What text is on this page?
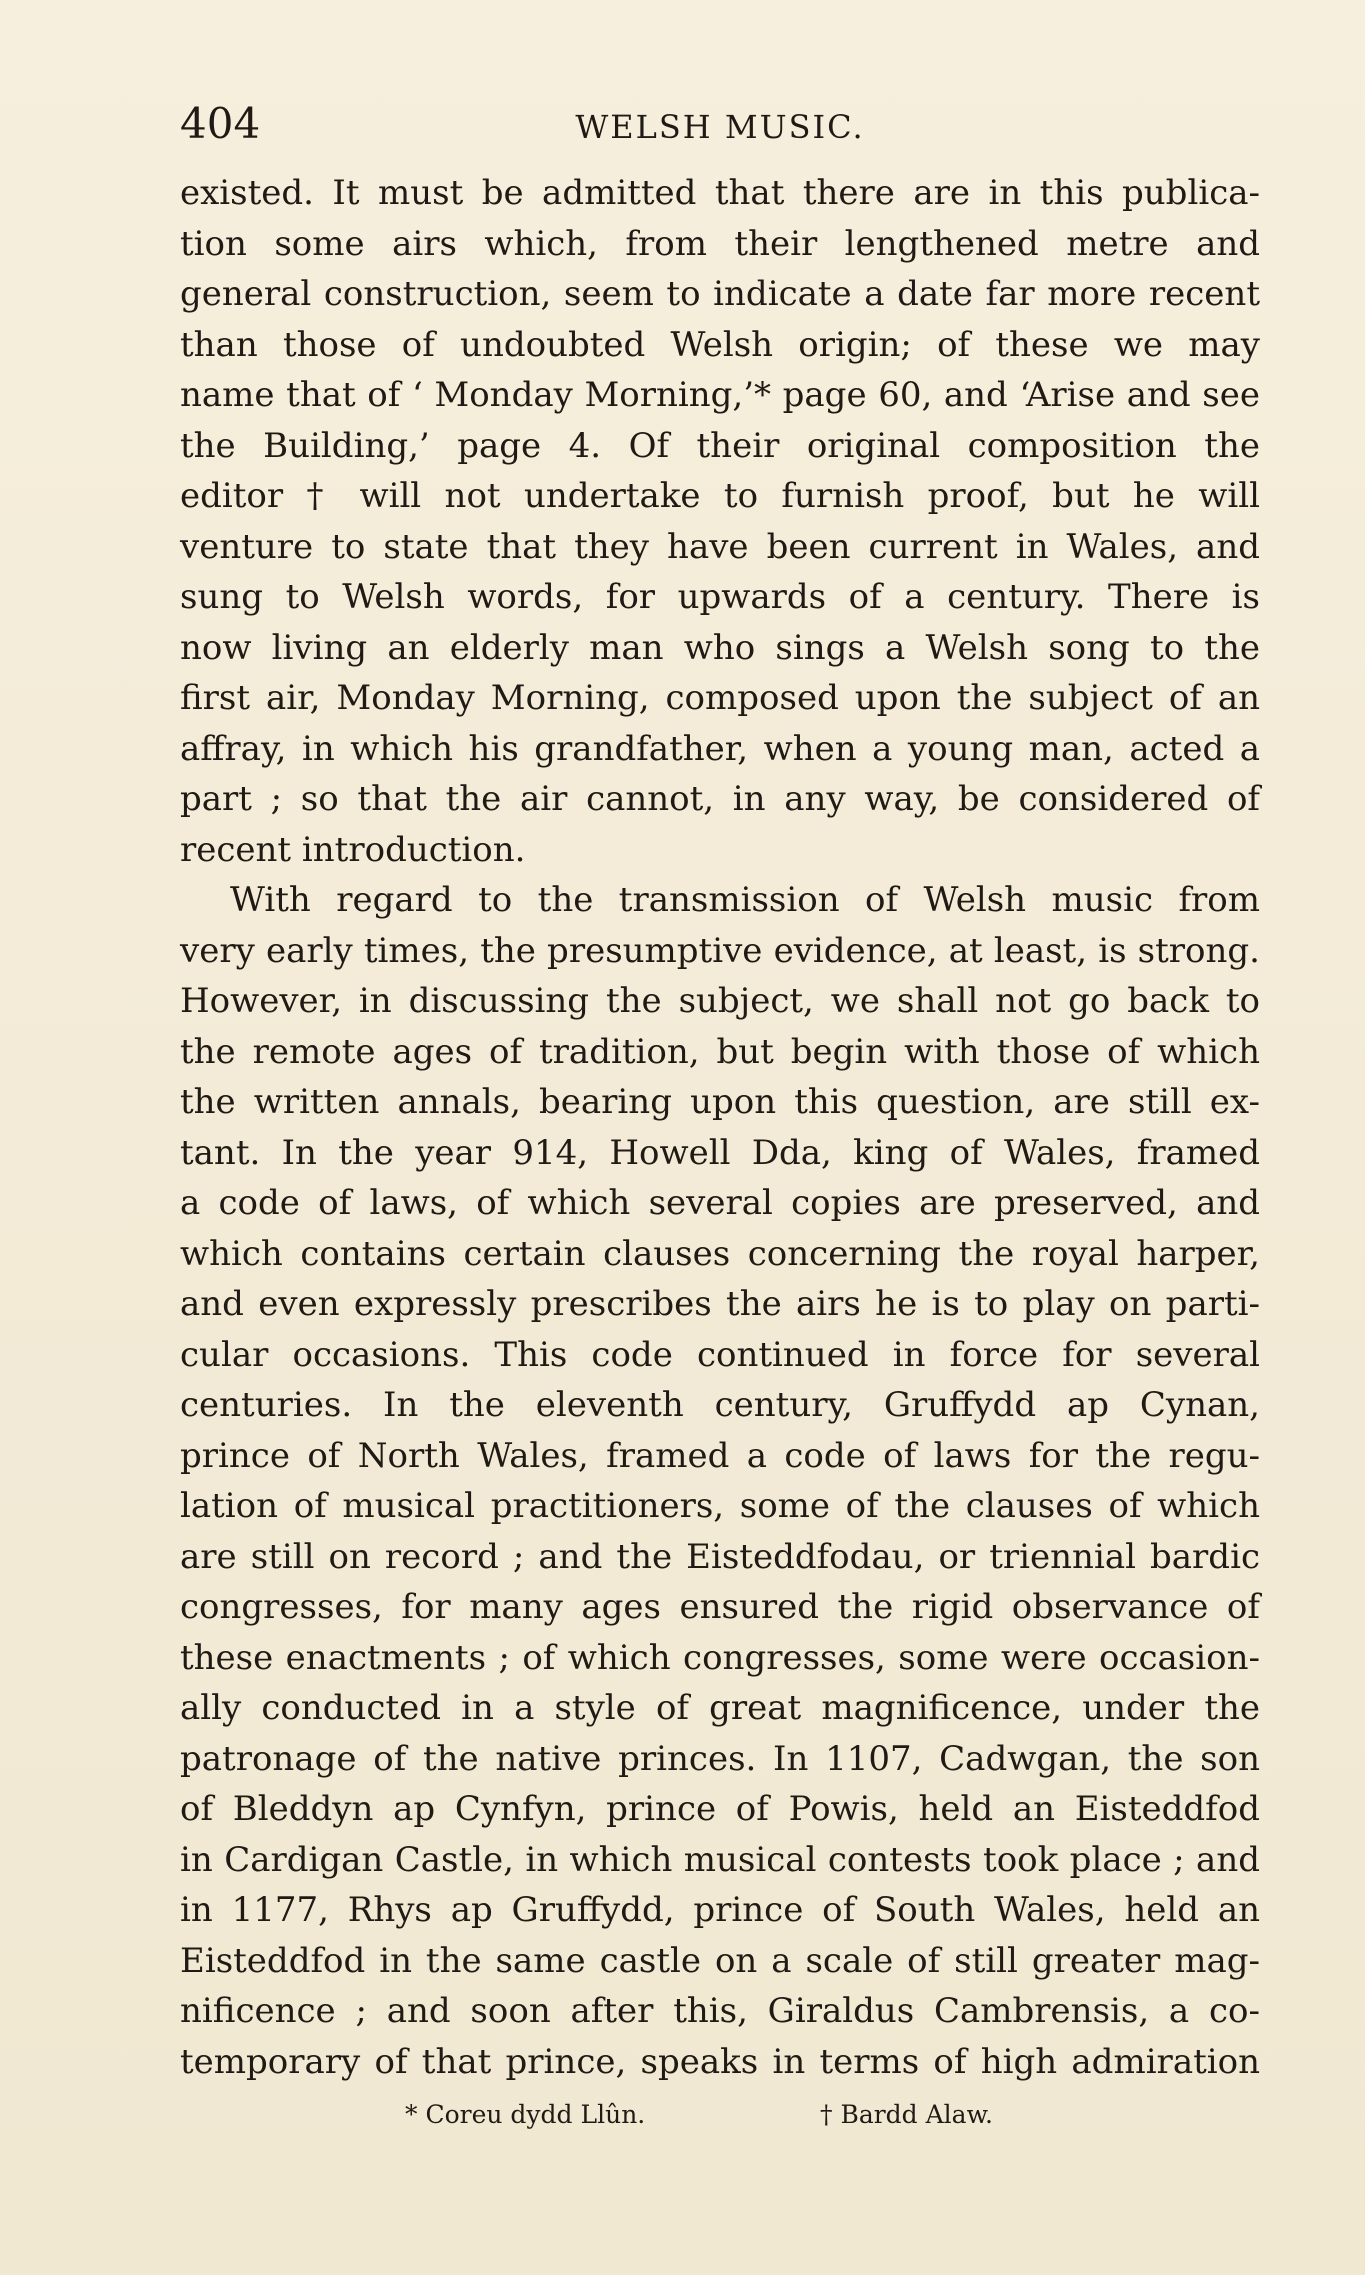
404	WELSH MUSIC.
existed. It must be admitted that there are in this publica-
tion some airs which, from their lengthened metre and
general construction, seem to indicate a date far more recent
than those of undoubted Welsh origin; of these we may
name that of ‘ Monday Morning,’* page 60, and ‘Arise and see
the Building,’ page 4. Of their original composition the
editor † will not undertake to furnish proof, but he will
venture to state that they have been current in Wales, and
sung to Welsh words, for upwards of a century. There is
now living an elderly man who sings a Welsh song to the
first air, Monday Morning, composed upon the subject of an
affray, in which his grandfather, when a young man, acted a
part ; so that the air cannot, in any way, be considered of
recent introduction.
With regard to the transmission of Welsh music from
very early times, the presumptive evidence, at least, is strong.
However, in discussing the subject, we shall not go back to
the remote ages of tradition, but begin with those of which
the written annals, bearing upon this question, are still ex-
tant. In the year 914, Howell Dda, king of Wales, framed
a code of laws, of which several copies are preserved, and
which contains certain clauses concerning the royal harper,
and even expressly prescribes the airs he is to play on parti-
cular occasions. This code continued in force for several
centuries. In the eleventh century, Gruffydd ap Cynan,
prince of North Wales, framed a code of laws for the regu-
lation of musical practitioners, some of the clauses of which
are still on record ; and the Eisteddfodau, or triennial bardic
congresses, for many ages ensured the rigid observance of
these enactments ; of which congresses, some were occasion-
ally conducted in a style of great magnificence, under the
patronage of the native princes. In 1107, Cadwgan, the son
of Bleddyn ap Cynfyn, prince of Powis, held an Eisteddfod
in Cardigan Castle, in which musical contests took place ; and
in 1177, Rhys ap Gruffydd, prince of South Wales, held an
Eisteddfod in the same castle on a scale of still greater mag-
nificence ; and soon after this, Giraldus Cambrensis, a co-
temporary of that prince, speaks in terms of high admiration
* Coreu dydd Llûn.	† Bardd Alaw.
